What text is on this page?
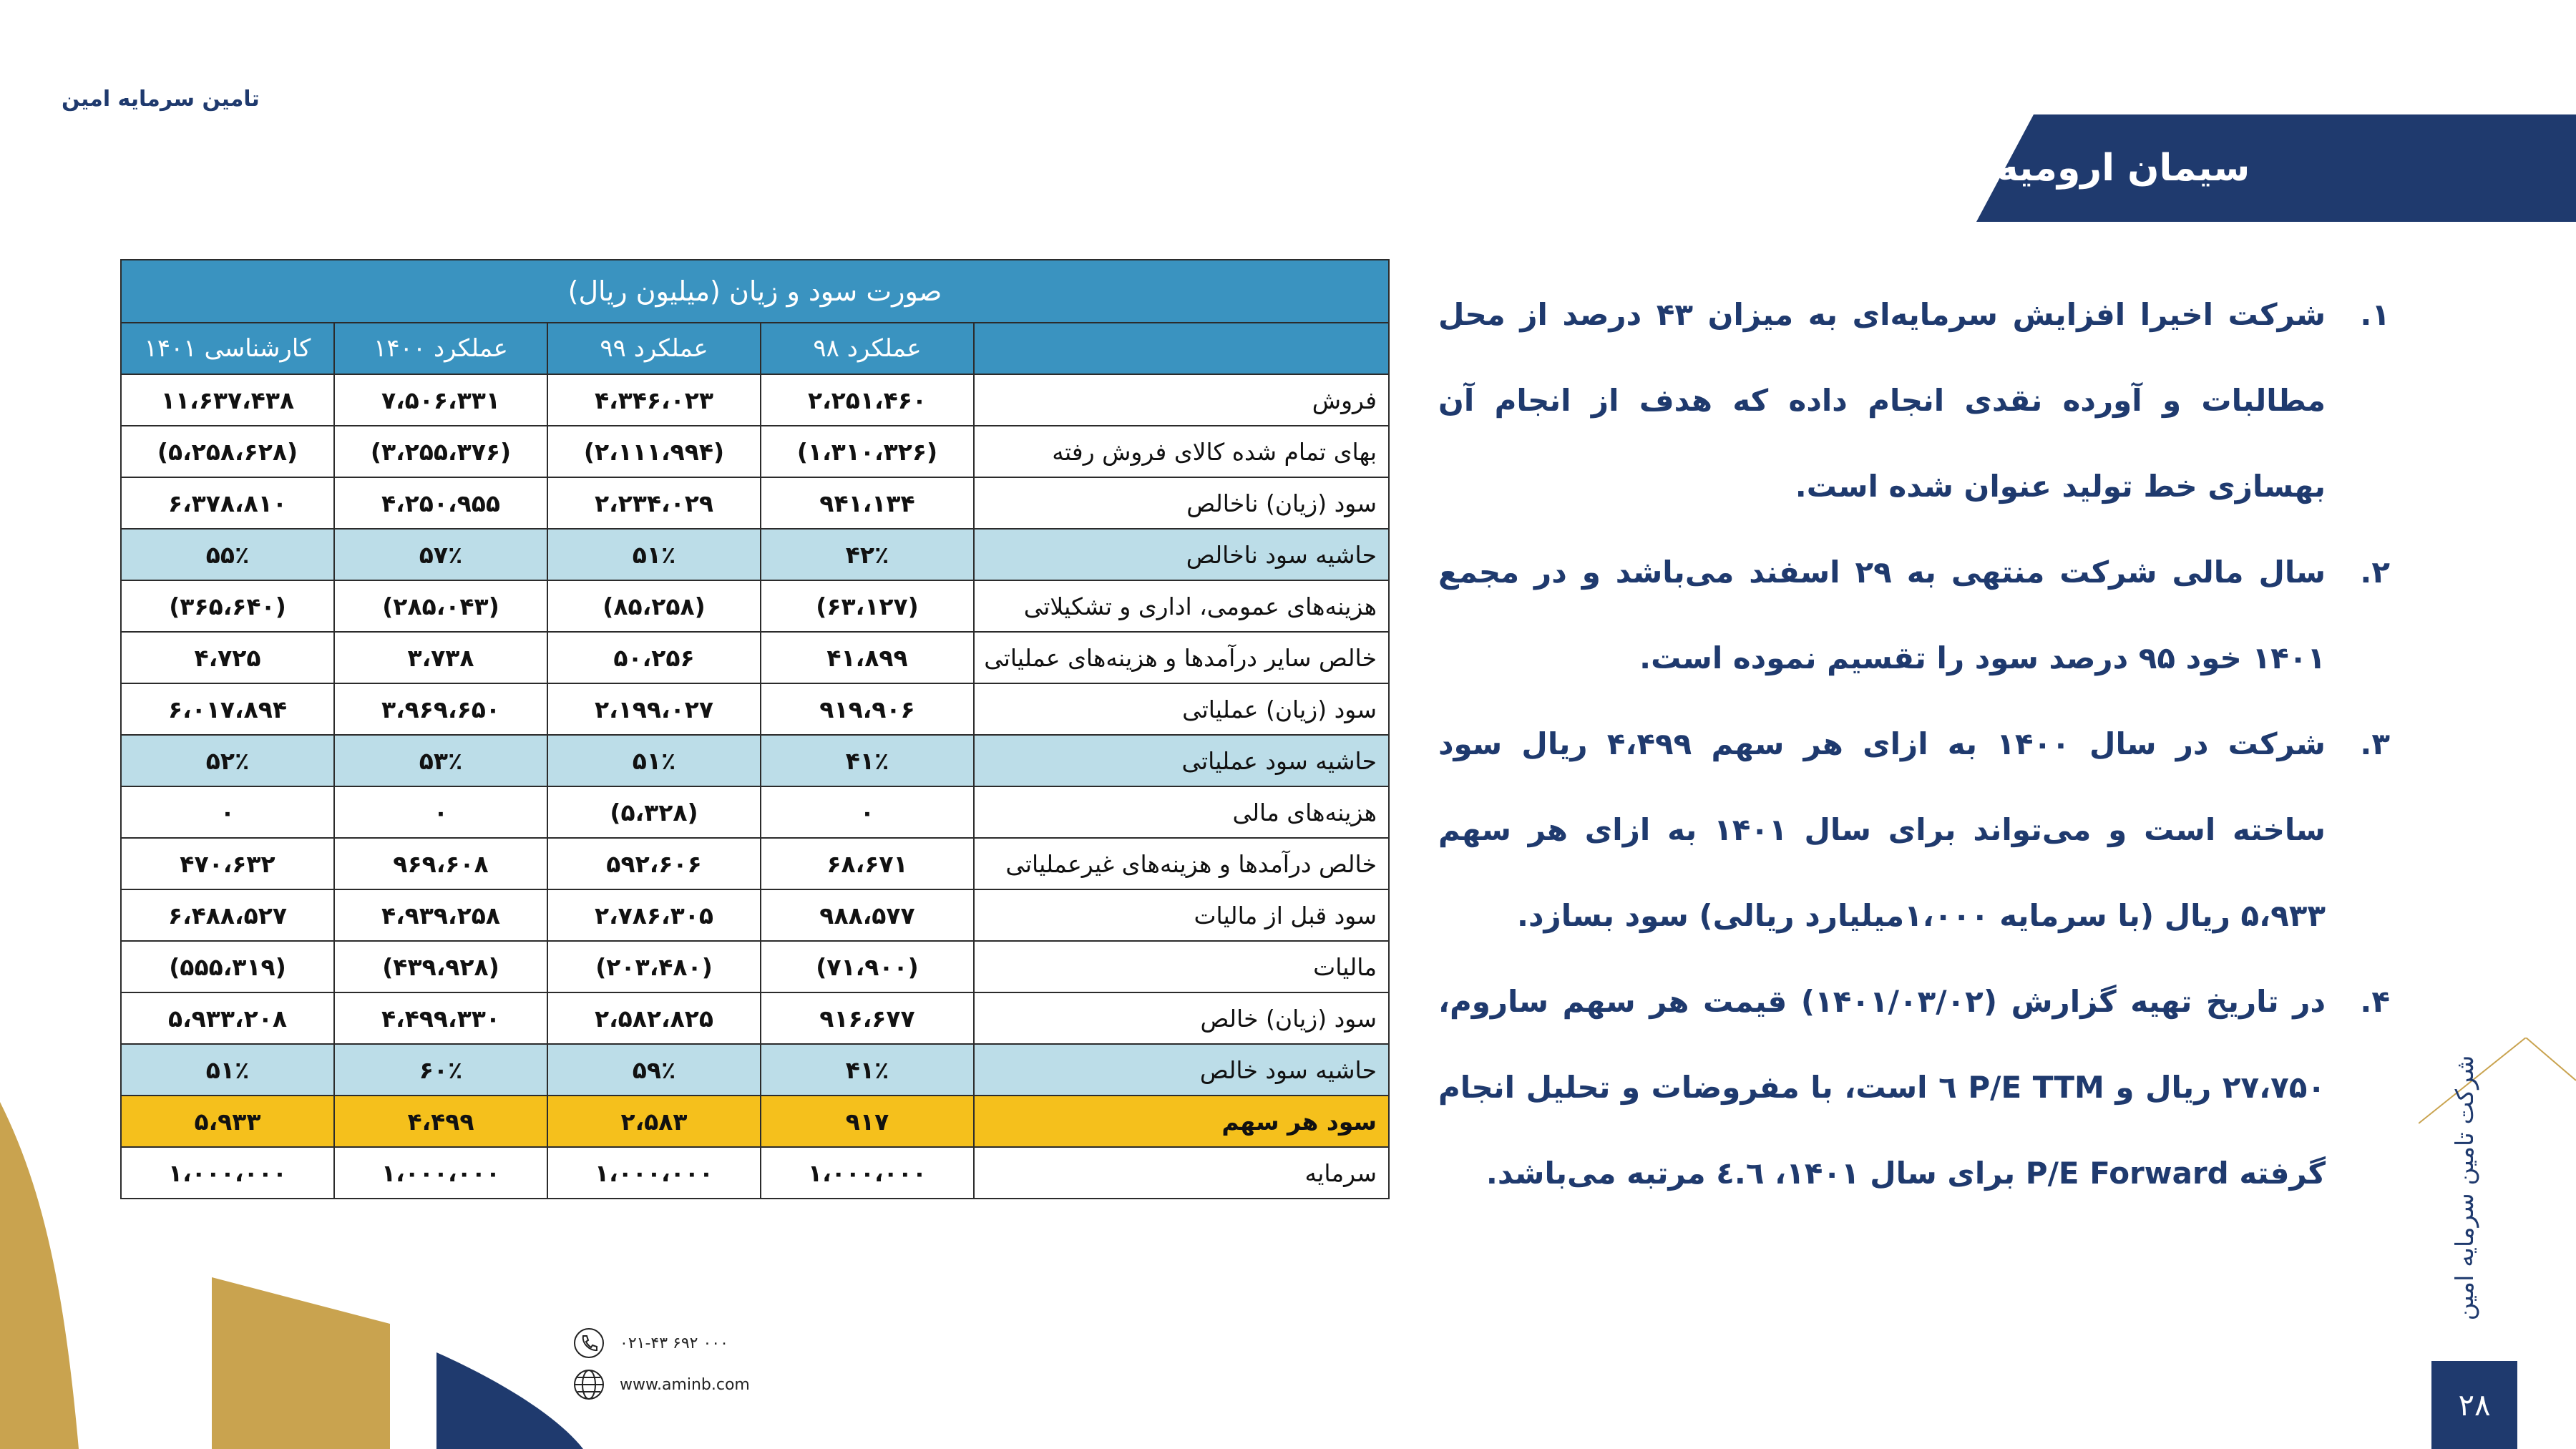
تامین سرمایه امین
سیمان ارومیه
صورت سود و زیان (میلیون ریال)				
	عملکرد ۹۸	عملکرد ۹۹	عملکرد ۱۴۰۰	کارشناسی ۱۴۰۱
فروش	۲،۲۵۱،۴۶۰	۴،۳۴۶،۰۲۳	۷،۵۰۶،۳۳۱	۱۱،۶۳۷،۴۳۸
بهای تمام شده کالای فروش رفته	(۱،۳۱۰،۳۲۶)	(۲،۱۱۱،۹۹۴)	(۳،۲۵۵،۳۷۶)	(۵،۲۵۸،۶۲۸)
سود (زیان) ناخالص	۹۴۱،۱۳۴	۲،۲۳۴،۰۲۹	۴،۲۵۰،۹۵۵	۶،۳۷۸،۸۱۰
حاشیه سود ناخالص	۴۲٪	۵۱٪	۵۷٪	۵۵٪
هزینه‌های عمومی، اداری و تشکیلاتی	(۶۳،۱۲۷)	(۸۵،۲۵۸)	(۲۸۵،۰۴۳)	(۳۶۵،۶۴۰)
خالص سایر درآمدها و هزینه‌های عملیاتی	۴۱،۸۹۹	۵۰،۲۵۶	۳،۷۳۸	۴،۷۲۵
سود (زیان) عملیاتی	۹۱۹،۹۰۶	۲،۱۹۹،۰۲۷	۳،۹۶۹،۶۵۰	۶،۰۱۷،۸۹۴
حاشیه سود عملیاتی	۴۱٪	۵۱٪	۵۳٪	۵۲٪
هزینه‌های مالی	۰	(۵،۳۲۸)	۰	۰
خالص درآمدها و هزینه‌های غیرعملیاتی	۶۸،۶۷۱	۵۹۲،۶۰۶	۹۶۹،۶۰۸	۴۷۰،۶۳۲
سود قبل از مالیات	۹۸۸،۵۷۷	۲،۷۸۶،۳۰۵	۴،۹۳۹،۲۵۸	۶،۴۸۸،۵۲۷
مالیات	(۷۱،۹۰۰)	(۲۰۳،۴۸۰)	(۴۳۹،۹۲۸)	(۵۵۵،۳۱۹)
سود (زیان) خالص	۹۱۶،۶۷۷	۲،۵۸۲،۸۲۵	۴،۴۹۹،۳۳۰	۵،۹۳۳،۲۰۸
حاشیه سود خالص	۴۱٪	۵۹٪	۶۰٪	۵۱٪
سود هر سهم	۹۱۷	۲،۵۸۳	۴،۴۹۹	۵،۹۳۳
سرمایه	۱،۰۰۰،۰۰۰	۱،۰۰۰،۰۰۰	۱،۰۰۰،۰۰۰	۱،۰۰۰،۰۰۰
۱.
شرکت اخیرا افزایش سرمایه‌ای به میزان ۴۳ درصد از محل مطالبات و آورده نقدی انجام داده که هدف از انجام آن بهسازی خط تولید عنوان شده است.
۲.
سال مالی شرکت منتهی به ۲۹ اسفند می‌باشد و در مجمع ۱۴۰۱ خود ۹۵ درصد سود را تقسیم نموده است.
۳.
شرکت در سال ۱۴۰۰ به ازای هر سهم ۴،۴۹۹ ریال سود ساخته است و می‌تواند برای سال ۱۴۰۱ به ازای هر سهم ۵،۹۳۳ ریال (با سرمایه ۱،۰۰۰میلیارد ریالی) سود بسازد.
۴.
در تاریخ تهیه گزارش (۱۴۰۱/۰۳/۰۲) قیمت هر سهم ساروم، ۲۷،۷۵۰ ریال و P/E TTM ٦ است، با مفروضات و تحلیل انجام گرفته P/E Forward برای سال ۱۴۰۱، ٤.٦ مرتبه می‌باشد.
۰۲۱-۴۳ ۶۹۲ ۰۰۰
www.aminb.com
شرکت تامین سرمایه امین
۲۸
